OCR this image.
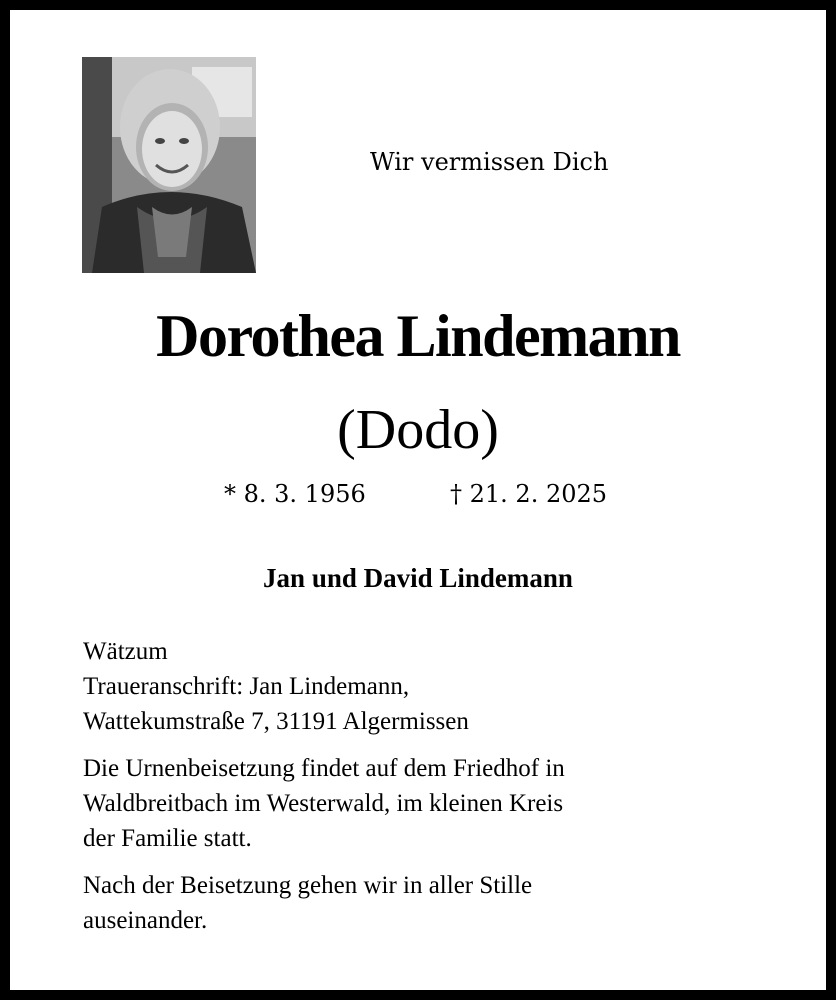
Wir vermissen Dich
Dorothea Lindemann
(Dodo)
* 8. 3. 1956	† 21. 2. 2025
Jan und David Lindemann
Wätzum
Traueranschrift: Jan Lindemann,
Wattekumstraße 7, 31191 Algermissen
Die Urnenbeisetzung findet auf dem Friedhof in
Waldbreitbach im Westerwald, im kleinen Kreis
der Familie statt.
Nach der Beisetzung gehen wir in aller Stille
auseinander.
